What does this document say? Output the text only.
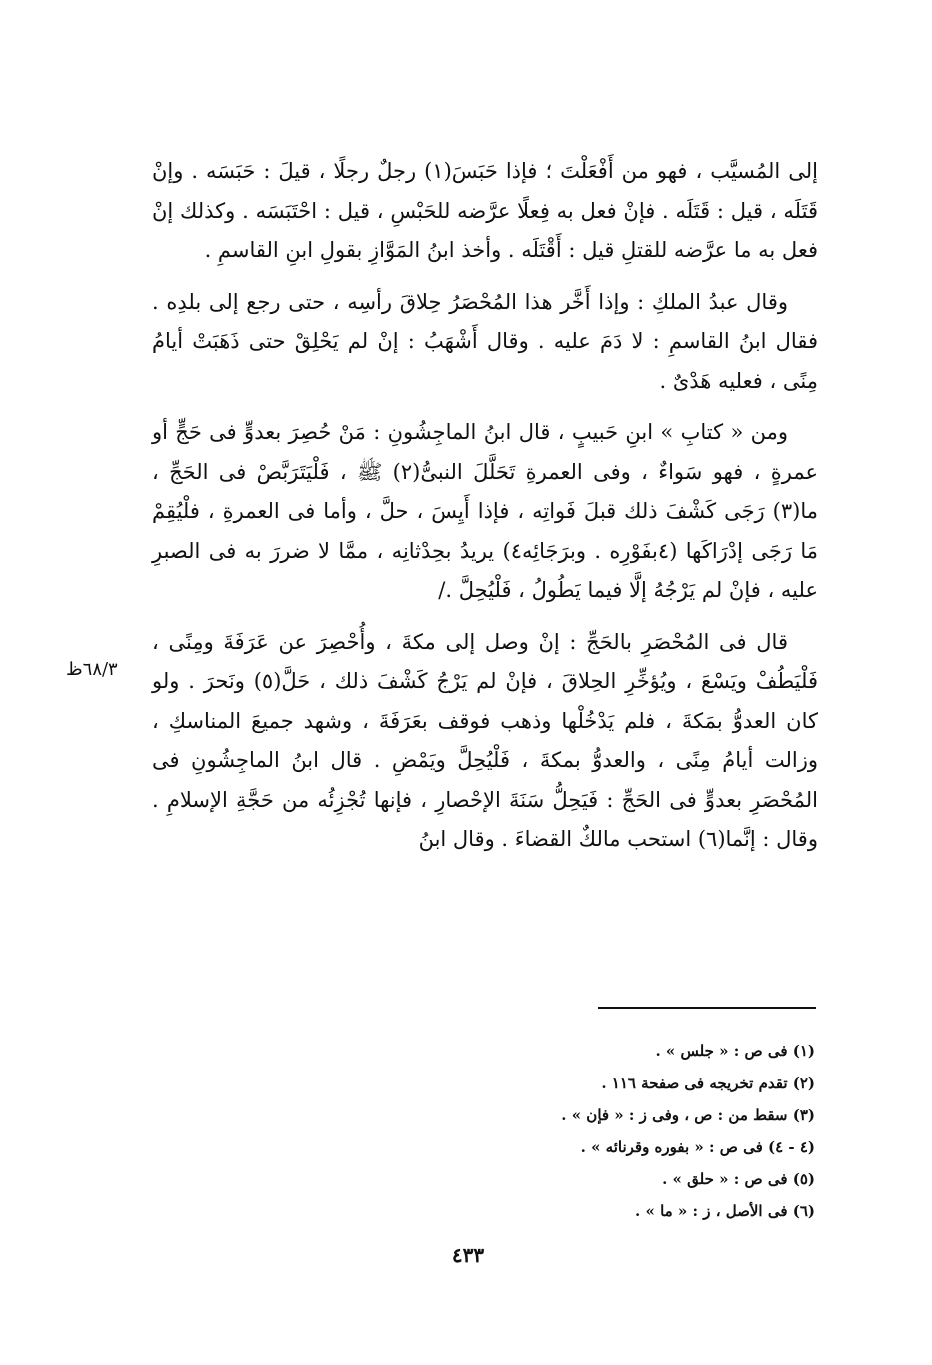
إلى المُسيَّب ، فهو من أَفْعَلْتَ ؛ فإذا حَبَسَ(١) رجلٌ رجلًا ، قيلَ : حَبَسَه . وإنْ قَتَلَه ، قيل : قَتَلَه . فإنْ فعل به فِعلًا عرَّضه للحَبْسِ ، قيل : احْتَبَسَه . وكذلك إنْ فعل به ما عرَّضه للقتلِ قيل : أَقْتَلَه . وأخذ ابنُ المَوَّازِ بقولِ ابنِ القاسمِ .

وقال عبدُ الملكِ : وإذا أَخَّر هذا المُحْصَرُ حِلاقَ رأسِه ، حتى رجع إلى بلدِه . فقال ابنُ القاسمِ : لا دَمَ عليه . وقال أَشْهَبُ : إنْ لم يَحْلِقْ حتى ذَهَبَتْ أيامُ مِنًى ، فعليه هَدْىٌ .

ومن « كتابِ » ابنِ حَبيبٍ ، قال ابنُ الماجِشُونِ : مَنْ حُصِرَ بعدوٍّ فى حَجٍّ أو عمرةٍ ، فهو سَواءٌ ، وفى العمرةِ تَحَلَّلَ النبىُّ(٢) ﷺ ، فَلْيَتَرَبَّصْ فى الحَجِّ ، ما(٣) رَجَى كَشْفَ ذلك قبلَ فَواتِه ، فإذا أَيِسَ ، حلَّ ، وأما فى العمرةِ ، فلْيُقِمْ مَا رَجَى إدْرَاكَها (٤بفَوْرِه . وبرَجَائِه٤) يريدُ بحِدْثانِه ، ممَّا لا ضررَ به فى الصبرِ عليه ، فإنْ لم يَرْجُهُ إلَّا فيما يَطُولُ ، فَلْيُحِلَّ ./

قال فى المُحْصَرِ بالحَجِّ : إنْ وصل إلى مكةَ ، وأُحْصِرَ عن عَرَفَةَ ومِنًى ، فَلْيَطُفْ ويَسْعَ ، ويُؤخِّرِ الحِلاقَ ، فإنْ لم يَرْجُ كَشْفَ ذلك ، حَلَّ(٥) ونَحرَ . ولو كان العدوُّ بمَكةَ ، فلم يَدْخُلْها وذهب فوقف بعَرَفَةَ ، وشهد جميعَ المناسكِ ، وزالت أيامُ مِنًى ، والعدوُّ بمكةَ ، فَلْيُحِلَّ ويَمْضِ . قال ابنُ الماجِشُونِ فى المُحْصَرِ بعدوٍّ فى الحَجِّ : فَيَحِلُّ سَنَةَ الإحْصارِ ، فإنها تُجْزِئُه من حَجَّةِ الإسلامِ . وقال : إنَّما(٦) استحب مالكٌ القضاءَ . وقال ابنُ

٦٨/٣ظ

(١) فى ص : « جلس » .

(٢) تقدم تخريجه فى صفحة ١١٦ .

(٣) سقط من : ص ، وفى ز : « فإن » .

(٤ - ٤) فى ص : « بفوره وقرنائه » .

(٥) فى ص : « حلق » .

(٦) فى الأصل ، ز : « ما » .

٤٣٣
